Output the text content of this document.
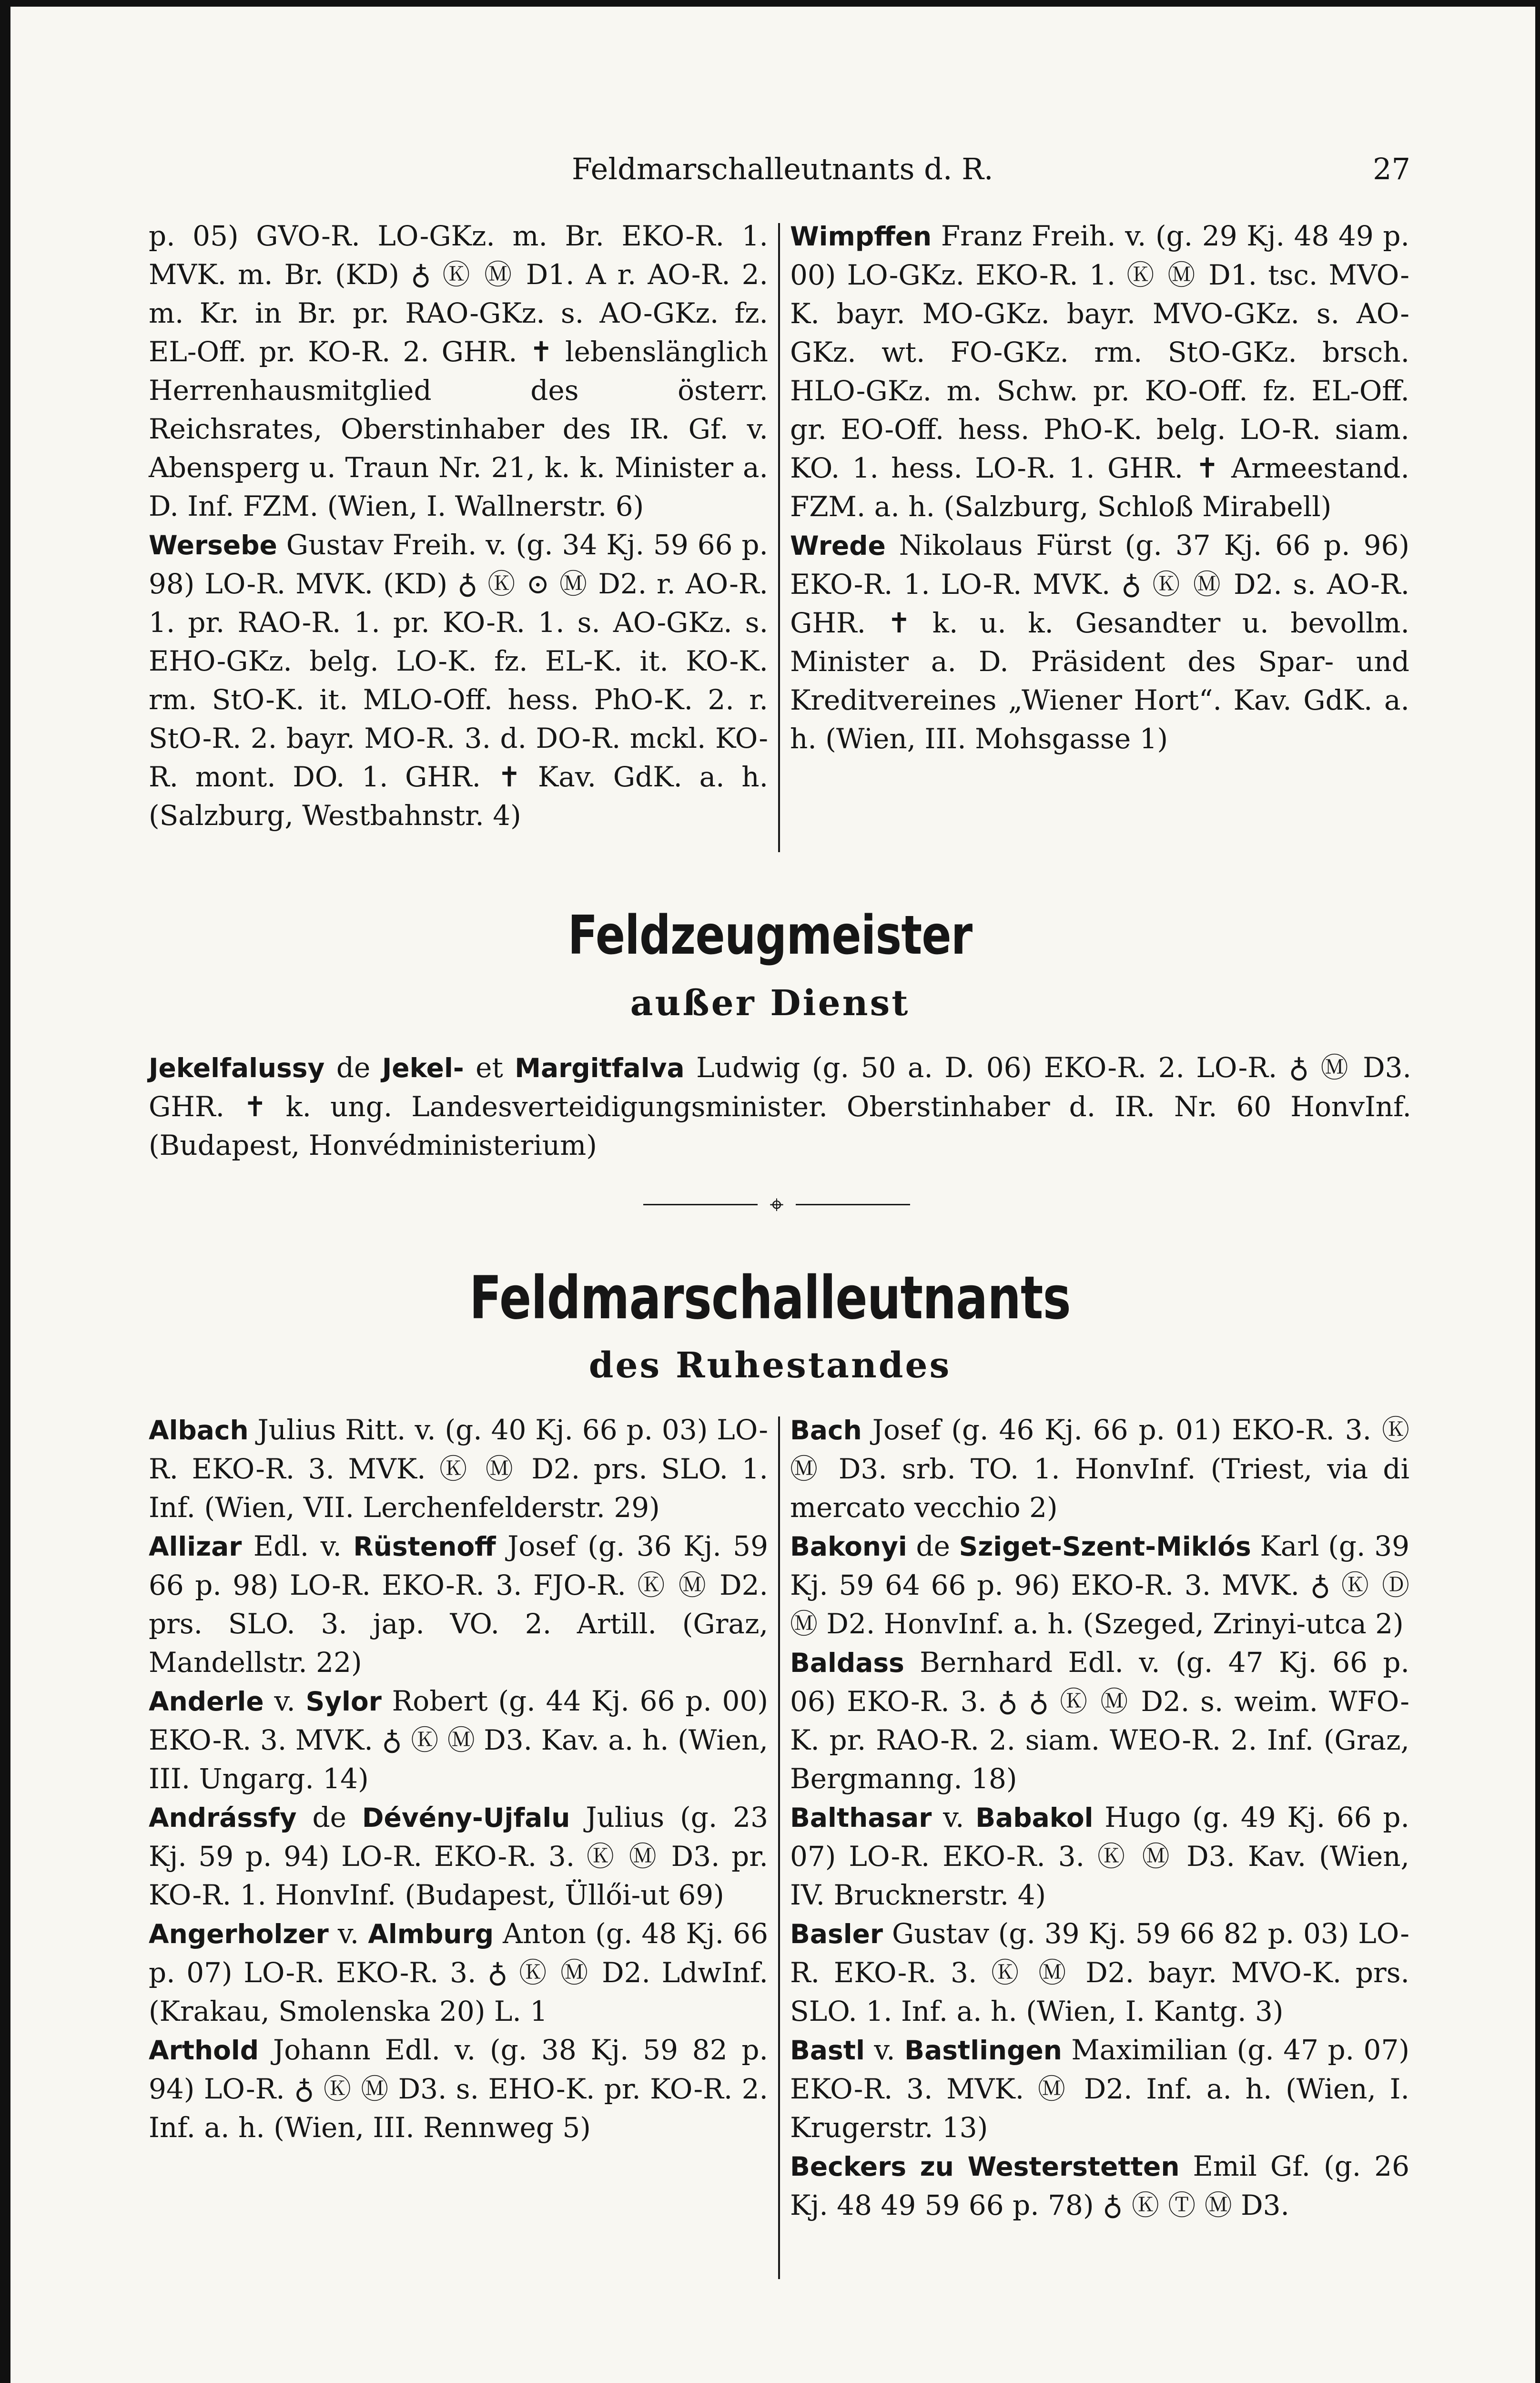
Feldmarschalleutnants d. R.	27

p. 05) GVO-R. LO-GKz. m. Br. EKO-R. 1. MVK. m. Br. (KD) ♁ Ⓚ Ⓜ D1. A r. AO-R. 2. m. Kr. in Br. pr. RAO-GKz. s. AO-GKz. fz. EL-Off. pr. KO-R. 2. GHR. ✝ lebenslänglich Herrenhausmitglied des österr. Reichsrates, Oberstinhaber des IR. Gf. v. Abensperg u. Traun Nr. 21, k. k. Minister a. D. Inf. FZM. (Wien, I. Wallnerstr. 6)

Wersebe Gustav Freih. v. (g. 34 Kj. 59 66 p. 98) LO-R. MVK. (KD) ♁ Ⓚ ⊙ Ⓜ D2. r. AO-R. 1. pr. RAO-R. 1. pr. KO-R. 1. s. AO-GKz. s. EHO-GKz. belg. LO-K. fz. EL-K. it. KO-K. rm. StO-K. it. MLO-Off. hess. PhO-K. 2. r. StO-R. 2. bayr. MO-R. 3. d. DO-R. mckl. KO-R. mont. DO. 1. GHR. ✝ Kav. GdK. a. h. (Salzburg, Westbahnstr. 4)

Wimpffen Franz Freih. v. (g. 29 Kj. 48 49 p. 00) LO-GKz. EKO-R. 1. Ⓚ Ⓜ D1. tsc. MVO-K. bayr. MO-GKz. bayr. MVO-GKz. s. AO-GKz. wt. FO-GKz. rm. StO-GKz. brsch. HLO-GKz. m. Schw. pr. KO-Off. fz. EL-Off. gr. EO-Off. hess. PhO-K. belg. LO-R. siam. KO. 1. hess. LO-R. 1. GHR. ✝ Armeestand. FZM. a. h. (Salzburg, Schloß Mirabell)

Wrede Nikolaus Fürst (g. 37 Kj. 66 p. 96) EKO-R. 1. LO-R. MVK. ♁ Ⓚ Ⓜ D2. s. AO-R. GHR. ✝ k. u. k. Gesandter u. bevollm. Minister a. D. Präsident des Spar- und Kreditvereines „Wiener Hort“. Kav. GdK. a. h. (Wien, III. Mohsgasse 1)

Feldzeugmeister
außer Dienst

Jekelfalussy de Jekel- et Margitfalva Ludwig (g. 50 a. D. 06) EKO-R. 2. LO-R. ♁ Ⓜ D3. GHR. ✝ k. ung. Landesverteidigungsminister. Oberstinhaber d. IR. Nr. 60 HonvInf. (Budapest, Honvédministerium)

⌖
Feldmarschalleutnants
des Ruhestandes

Albach Julius Ritt. v. (g. 40 Kj. 66 p. 03) LO-R. EKO-R. 3. MVK. Ⓚ Ⓜ D2. prs. SLO. 1. Inf. (Wien, VII. Lerchenfelderstr. 29)

Allizar Edl. v. Rüstenoff Josef (g. 36 Kj. 59 66 p. 98) LO-R. EKO-R. 3. FJO-R. Ⓚ Ⓜ D2. prs. SLO. 3. jap. VO. 2. Artill. (Graz, Mandellstr. 22)

Anderle v. Sylor Robert (g. 44 Kj. 66 p. 00) EKO-R. 3. MVK. ♁ Ⓚ Ⓜ D3. Kav. a. h. (Wien, III. Ungarg. 14)

Andrássfy de Dévény-Ujfalu Julius (g. 23 Kj. 59 p. 94) LO-R. EKO-R. 3. Ⓚ Ⓜ D3. pr. KO-R. 1. HonvInf. (Budapest, Üllői-ut 69)

Angerholzer v. Almburg Anton (g. 48 Kj. 66 p. 07) LO-R. EKO-R. 3. ♁ Ⓚ Ⓜ D2. LdwInf. (Krakau, Smolenska 20) L. 1

Arthold Johann Edl. v. (g. 38 Kj. 59 82 p. 94) LO-R. ♁ Ⓚ Ⓜ D3. s. EHO-K. pr. KO-R. 2. Inf. a. h. (Wien, III. Rennweg 5)

Bach Josef (g. 46 Kj. 66 p. 01) EKO-R. 3. Ⓚ Ⓜ D3. srb. TO. 1. HonvInf. (Triest, via di mercato vecchio 2)

Bakonyi de Sziget-Szent-Miklós Karl (g. 39 Kj. 59 64 66 p. 96) EKO-R. 3. MVK. ♁ Ⓚ Ⓓ Ⓜ D2. HonvInf. a. h. (Szeged, Zrinyi-utca 2)

Baldass Bernhard Edl. v. (g. 47 Kj. 66 p. 06) EKO-R. 3. ♁ ♁ Ⓚ Ⓜ D2. s. weim. WFO-K. pr. RAO-R. 2. siam. WEO-R. 2. Inf. (Graz, Bergmanng. 18)

Balthasar v. Babakol Hugo (g. 49 Kj. 66 p. 07) LO-R. EKO-R. 3. Ⓚ Ⓜ D3. Kav. (Wien, IV. Brucknerstr. 4)

Basler Gustav (g. 39 Kj. 59 66 82 p. 03) LO-R. EKO-R. 3. Ⓚ Ⓜ D2. bayr. MVO-K. prs. SLO. 1. Inf. a. h. (Wien, I. Kantg. 3)

Bastl v. Bastlingen Maximilian (g. 47 p. 07) EKO-R. 3. MVK. Ⓜ D2. Inf. a. h. (Wien, I. Krugerstr. 13)

Beckers zu Westerstetten Emil Gf. (g. 26 Kj. 48 49 59 66 p. 78) ♁ Ⓚ Ⓣ Ⓜ D3.
